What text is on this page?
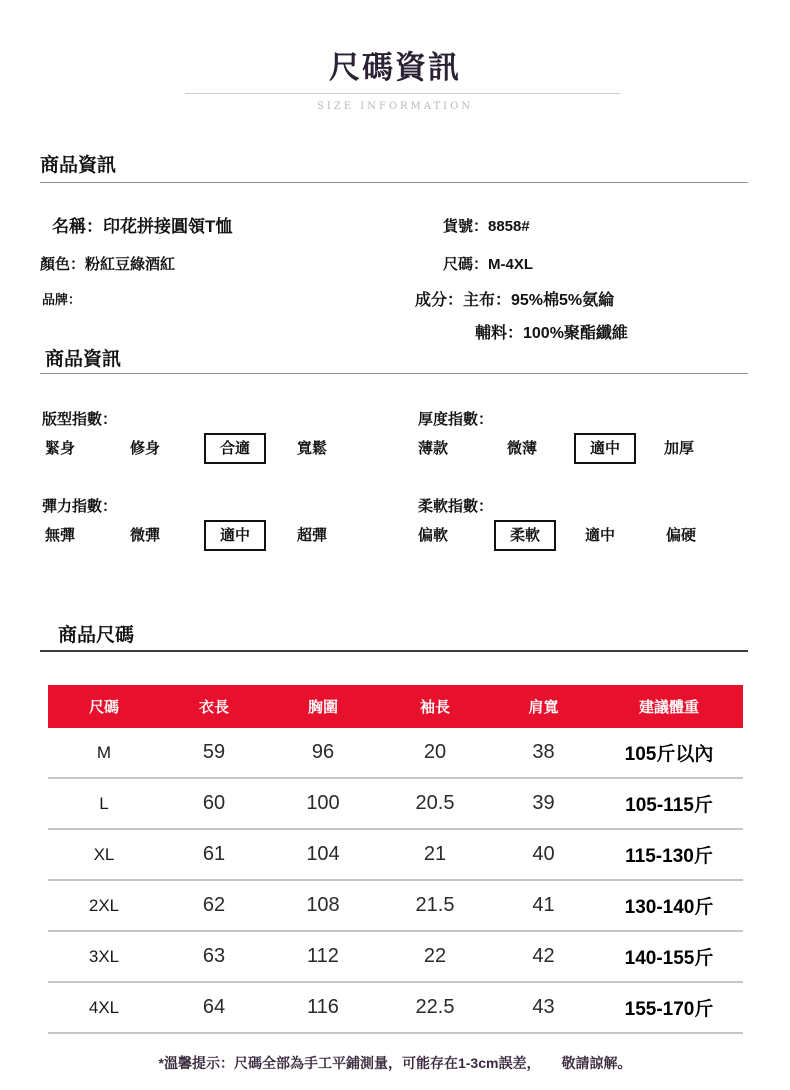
尺碼資訊
SIZE INFORMATION
商品資訊
名稱：印花拼接圓領T恤	貨號：8858#
顏色：粉紅豆綠酒紅	尺碼：M-4XL
品牌：	成分：主布：95%棉5%氨綸
輔料：100%聚酯纖維
商品資訊
版型指數：
緊身	修身	合適	寬鬆
厚度指數：
薄款	微薄	適中	加厚
彈力指數：
無彈	微彈	適中	超彈
柔軟指數：
偏軟	柔軟	適中	偏硬
商品尺碼
尺碼	衣長	胸圍	袖長	肩寬	建議體重
M	59	96	20	38	105斤以內
L	60	100	20.5	39	105-115斤
XL	61	104	21	40	115-130斤
2XL	62	108	21.5	41	130-140斤
3XL	63	112	22	42	140-155斤
4XL	64	116	22.5	43	155-170斤
*溫馨提示：尺碼全部為手工平鋪測量，可能存在1-3cm誤差，　　敬請諒解。
